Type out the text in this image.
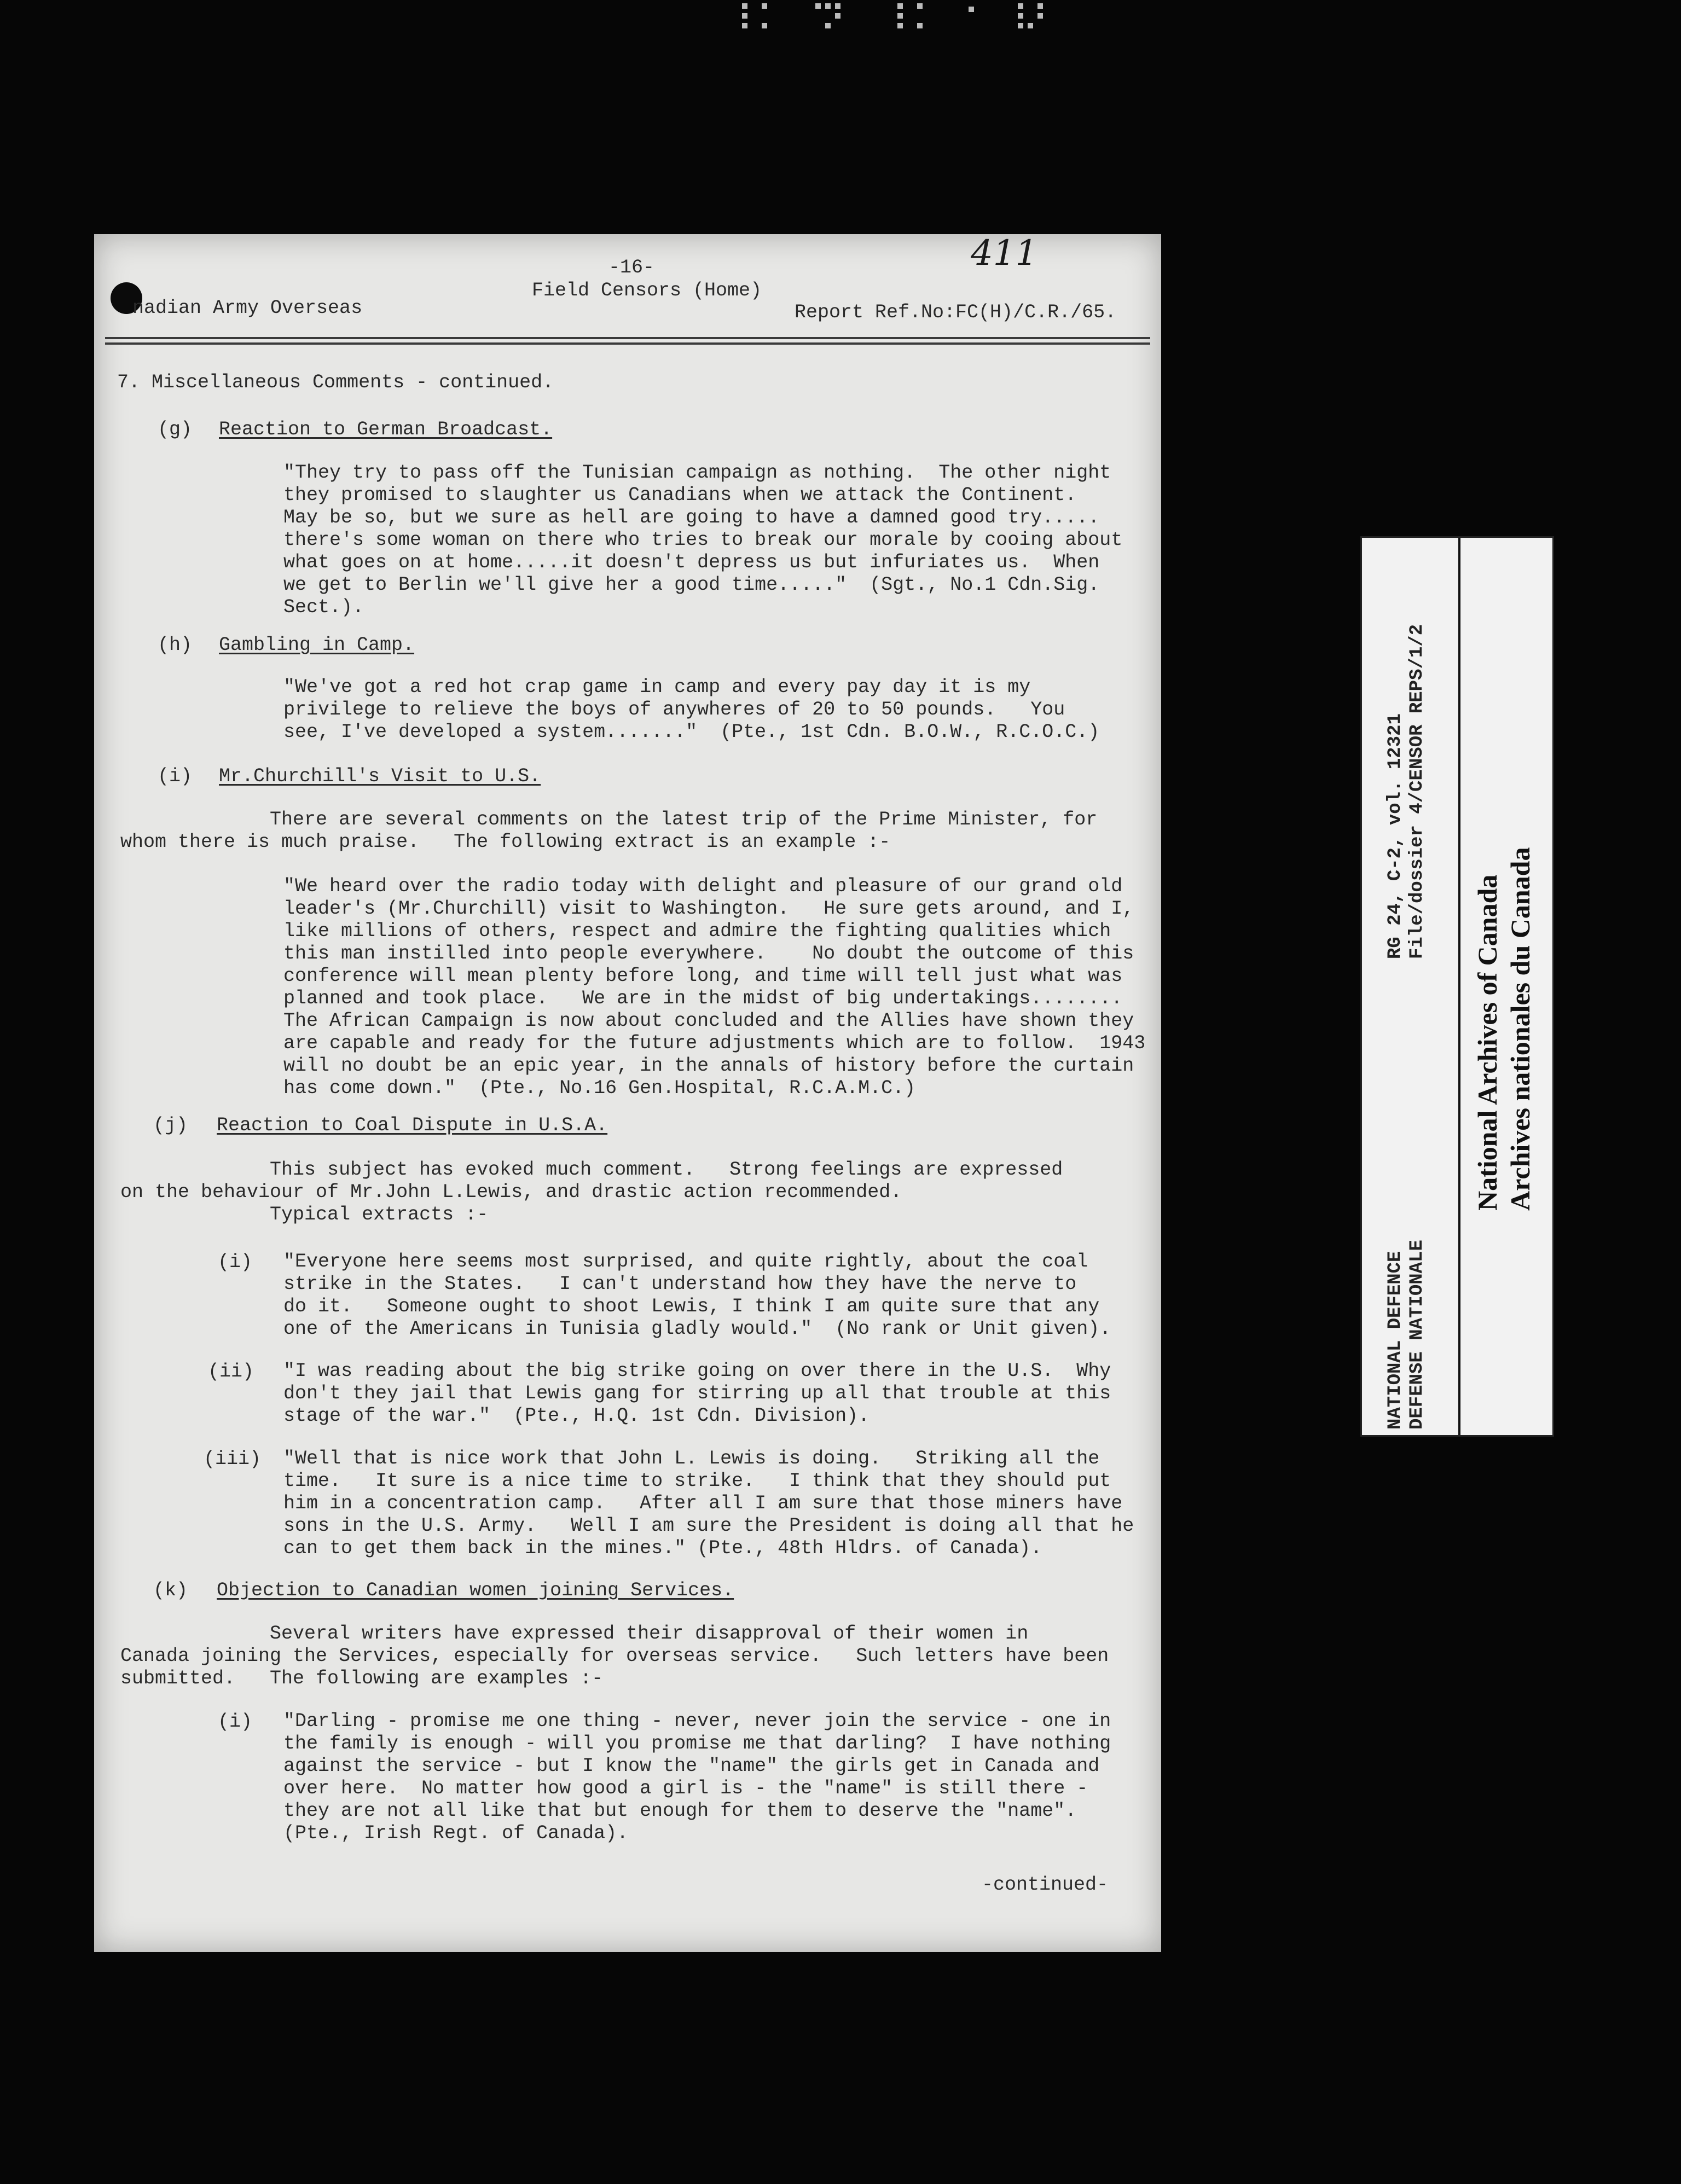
-16-	411
Field Censors (Home)
nadian Army Overseas	Report Ref.No:FC(H)/C.R./65.
7. Miscellaneous Comments - continued.
(g) Reaction to German Broadcast.
"They try to pass off the Tunisian campaign as nothing.  The other night
they promised to slaughter us Canadians when we attack the Continent.
May be so, but we sure as hell are going to have a damned good try.....
there's some woman on there who tries to break our morale by cooing about
what goes on at home.....it doesn't depress us but infuriates us.  When
we get to Berlin we'll give her a good time....."  (Sgt., No.1 Cdn.Sig.
Sect.).
(h) Gambling in Camp.
"We've got a red hot crap game in camp and every pay day it is my
privilege to relieve the boys of anywheres of 20 to 50 pounds.   You
see, I've developed a system......."  (Pte., 1st Cdn. B.O.W., R.C.O.C.)
(i) Mr.Churchill's Visit to U.S.
There are several comments on the latest trip of the Prime Minister, for
whom there is much praise.   The following extract is an example :-
"We heard over the radio today with delight and pleasure of our grand old
leader's (Mr.Churchill) visit to Washington.   He sure gets around, and I,
like millions of others, respect and admire the fighting qualities which
this man instilled into people everywhere.    No doubt the outcome of this
conference will mean plenty before long, and time will tell just what was
planned and took place.   We are in the midst of big undertakings........
The African Campaign is now about concluded and the Allies have shown they
are capable and ready for the future adjustments which are to follow.  1943
will no doubt be an epic year, in the annals of history before the curtain
has come down."  (Pte., No.16 Gen.Hospital, R.C.A.M.C.)
(j) Reaction to Coal Dispute in U.S.A.
This subject has evoked much comment.   Strong feelings are expressed
on the behaviour of Mr.John L.Lewis, and drastic action recommended.
Typical extracts :-
(i) "Everyone here seems most surprised, and quite rightly, about the coal
strike in the States.   I can't understand how they have the nerve to
do it.   Someone ought to shoot Lewis, I think I am quite sure that any
one of the Americans in Tunisia gladly would."  (No rank or Unit given).
(ii) "I was reading about the big strike going on over there in the U.S.  Why
don't they jail that Lewis gang for stirring up all that trouble at this
stage of the war."  (Pte., H.Q. 1st Cdn. Division).
(iii) "Well that is nice work that John L. Lewis is doing.   Striking all the
time.   It sure is a nice time to strike.   I think that they should put
him in a concentration camp.   After all I am sure that those miners have
sons in the U.S. Army.   Well I am sure the President is doing all that he
can to get them back in the mines." (Pte., 48th Hldrs. of Canada).
(k) Objection to Canadian women joining Services.
Several writers have expressed their disapproval of their women in
Canada joining the Services, especially for overseas service.   Such letters have been
submitted.   The following are examples :-
(i) "Darling - promise me one thing - never, never join the service - one in
the family is enough - will you promise me that darling?  I have nothing
against the service - but I know the "name" the girls get in Canada and
over here.  No matter how good a girl is - the "name" is still there -
they are not all like that but enough for them to deserve the "name".
(Pte., Irish Regt. of Canada).
-continued-
NATIONAL DEFENCE DEFENSE NATIONALE
RG 24, C-2, vol. 12321 File/dossier 4/CENSOR REPS/1/2
National Archives of Canada Archives nationales du Canada
